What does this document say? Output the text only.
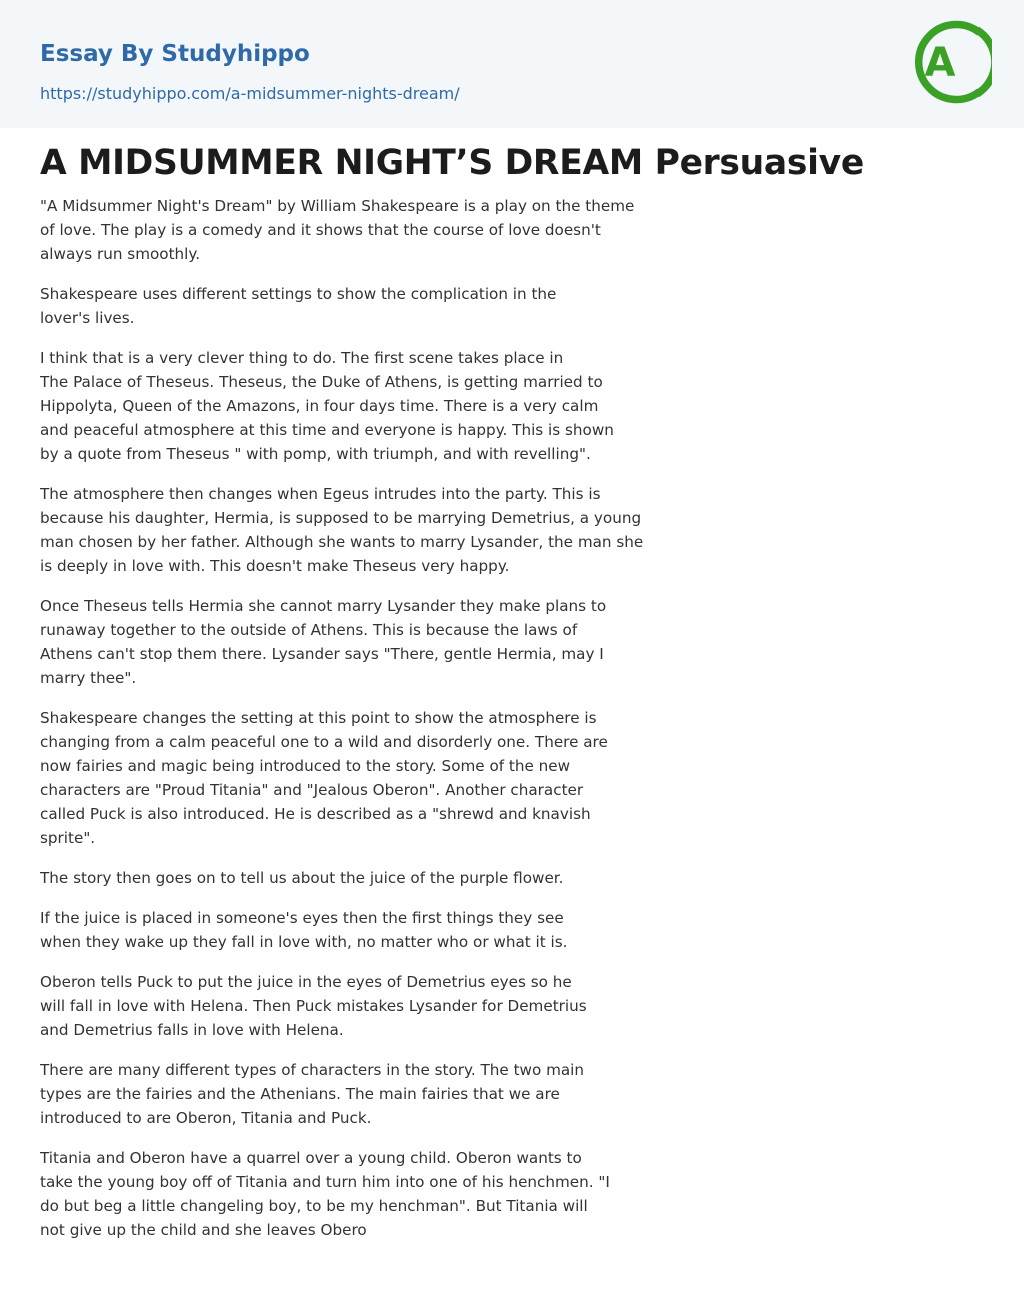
Essay By Studyhippo
https://studyhippo.com/a-midsummer-nights-dream/
A
A MIDSUMMER NIGHT’S DREAM Persuasive

"A Midsummer Night's Dream" by William Shakespeare is a play on the theme
of love. The play is a comedy and it shows that the course of love doesn't
always run smoothly.

Shakespeare uses different settings to show the complication in the
lover's lives.

I think that is a very clever thing to do. The first scene takes place in
The Palace of Theseus. Theseus, the Duke of Athens, is getting married to
Hippolyta, Queen of the Amazons, in four days time. There is a very calm
and peaceful atmosphere at this time and everyone is happy. This is shown
by a quote from Theseus " with pomp, with triumph, and with revelling".

The atmosphere then changes when Egeus intrudes into the party. This is
because his daughter, Hermia, is supposed to be marrying Demetrius, a young
man chosen by her father. Although she wants to marry Lysander, the man she
is deeply in love with. This doesn't make Theseus very happy.

Once Theseus tells Hermia she cannot marry Lysander they make plans to
runaway together to the outside of Athens. This is because the laws of
Athens can't stop them there. Lysander says "There, gentle Hermia, may I
marry thee".

Shakespeare changes the setting at this point to show the atmosphere is
changing from a calm peaceful one to a wild and disorderly one. There are
now fairies and magic being introduced to the story. Some of the new
characters are "Proud Titania" and "Jealous Oberon". Another character
called Puck is also introduced. He is described as a "shrewd and knavish
sprite".

The story then goes on to tell us about the juice of the purple flower.

If the juice is placed in someone's eyes then the first things they see
when they wake up they fall in love with, no matter who or what it is.

Oberon tells Puck to put the juice in the eyes of Demetrius eyes so he
will fall in love with Helena. Then Puck mistakes Lysander for Demetrius
and Demetrius falls in love with Helena.

There are many different types of characters in the story. The two main
types are the fairies and the Athenians. The main fairies that we are
introduced to are Oberon, Titania and Puck.

Titania and Oberon have a quarrel over a young child. Oberon wants to
take the young boy off of Titania and turn him into one of his henchmen. "I
do but beg a little changeling boy, to be my henchman". But Titania will
not give up the child and she leaves Obero
